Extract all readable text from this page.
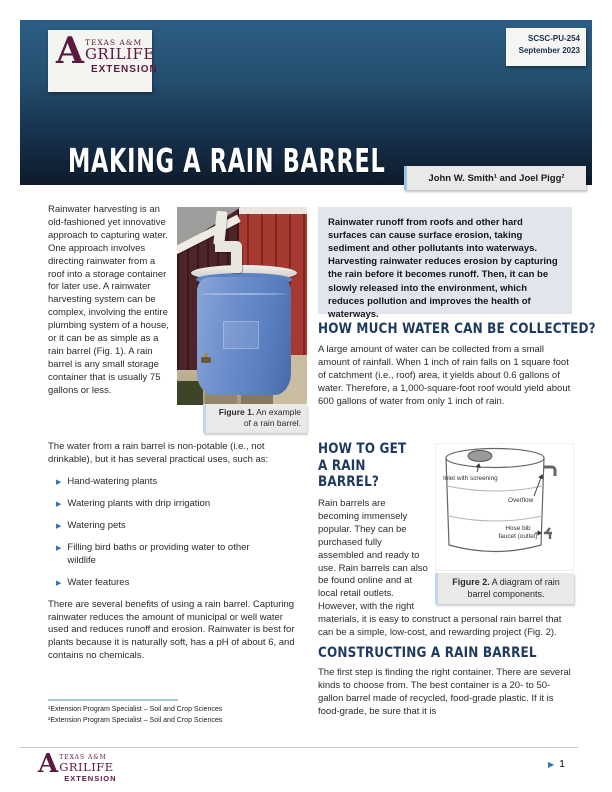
MAKING A RAIN BARREL
A TEXAS A&M
GRILIFE
EXTENSION
SCSC-PU-254
September 2023
John W. Smith¹ and Joel Pigg²
Rainwater harvesting is an old-fashioned yet innovative approach to capturing water. One approach involves directing rainwater from a roof into a storage container for later use. A rainwater harvesting system can be complex, involving the entire plumbing system of a house, or it can be as simple as a rain barrel (Fig. 1). A rain barrel is any small storage container that is usually 75 gallons or less.
Figure 1. An example of a rain barrel.

The water from a rain barrel is non-potable (i.e., not drinkable), but it has several practical uses, such as:

▶ Hand-watering plants
▶ Watering plants with drip irrigation
▶ Watering pets
▶ Filling bird baths or providing water to other wildlife
▶ Water features

There are several benefits of using a rain barrel. Capturing rainwater reduces the amount of municipal or well water used and reduces runoff and erosion. Rainwater is best for plants because it is naturally soft, has a pH of about 6, and contains no chemicals.

¹Extension Program Specialist – Soil and Crop Sciences
²Extension Program Specialist – Soil and Crop Sciences
Rainwater runoff from roofs and other hard surfaces can cause surface erosion, taking sediment and other pollutants into waterways. Harvesting rainwater reduces erosion by capturing the rain before it becomes runoff. Then, it can be slowly released into the environment, which reduces pollution and improves the health of waterways.
HOW MUCH WATER CAN BE COLLECTED?
A large amount of water can be collected from a small amount of rainfall. When 1 inch of rain falls on 1 square foot of catchment (i.e., roof) area, it yields about 0.6 gallons of water. Therefore, a 1,000-square-foot roof would yield about 600 gallons of water from only 1 inch of rain.
Inlet with screening
Overflow
Hose bib
faucet (outlet)
Figure 2. A diagram of rain barrel components.
HOW TO GET A RAIN BARREL?
Rain barrels are becoming immensely popular. They can be purchased fully assembled and ready to use. Rain barrels can also be found online and at local retail outlets. However, with the right materials, it is easy to construct a personal rain barrel that can be a simple, low-cost, and rewarding project (Fig. 2).
CONSTRUCTING A RAIN BARREL
The first step is finding the right container. There are several kinds to choose from. The best container is a 20- to 50-gallon barrel made of recycled, food-grade plastic. If it is food-grade, be sure that it is
A TEXAS A&M
GRILIFE
EXTENSION
▶ 1
